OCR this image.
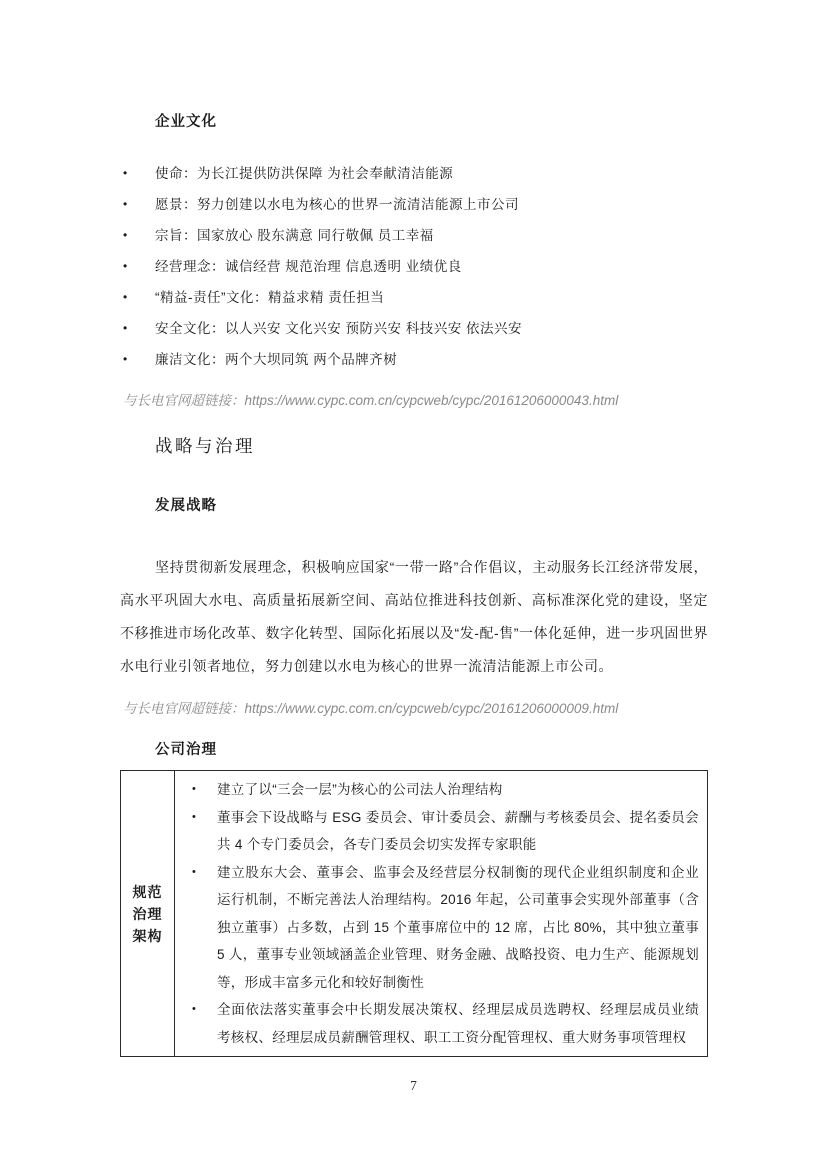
企业文化
• 使命：为长江提供防洪保障 为社会奉献清洁能源
• 愿景：努力创建以水电为核心的世界一流清洁能源上市公司
• 宗旨：国家放心 股东满意 同行敬佩 员工幸福
• 经营理念：诚信经营 规范治理 信息透明 业绩优良
• “精益-责任”文化：精益求精 责任担当
• 安全文化：以人兴安 文化兴安 预防兴安 科技兴安 依法兴安
• 廉洁文化：两个大坝同筑 两个品牌齐树

与长电官网超链接：https://www.cypc.com.cn/cypcweb/cypc/20161206000043.html

战略与治理
发展战略

坚持贯彻新发展理念，积极响应国家“一带一路”合作倡议，主动服务长江经济带发展，高水平巩固大水电、高质量拓展新空间、高站位推进科技创新、高标准深化党的建设，坚定不移推进市场化改革、数字化转型、国际化拓展以及“发-配-售”一体化延伸，进一步巩固世界水电行业引领者地位，努力创建以水电为核心的世界一流清洁能源上市公司。

与长电官网超链接：https://www.cypc.com.cn/cypcweb/cypc/20161206000009.html

公司治理
规范
治理
架构
• 建立了以“三会一层”为核心的公司法人治理结构
• 董事会下设战略与 ESG 委员会、审计委员会、薪酬与考核委员会、提名委员会共 4 个专门委员会，各专门委员会切实发挥专家职能
• 建立股东大会、董事会、监事会及经营层分权制衡的现代企业组织制度和企业运行机制，不断完善法人治理结构。2016 年起，公司董事会实现外部董事（含独立董事）占多数，占到 15 个董事席位中的 12 席，占比 80%，其中独立董事 5 人，董事专业领域涵盖企业管理、财务金融、战略投资、电力生产、能源规划等，形成丰富多元化和较好制衡性
• 全面依法落实董事会中长期发展决策权、经理层成员选聘权、经理层成员业绩考核权、经理层成员薪酬管理权、职工工资分配管理权、重大财务事项管理权
7
